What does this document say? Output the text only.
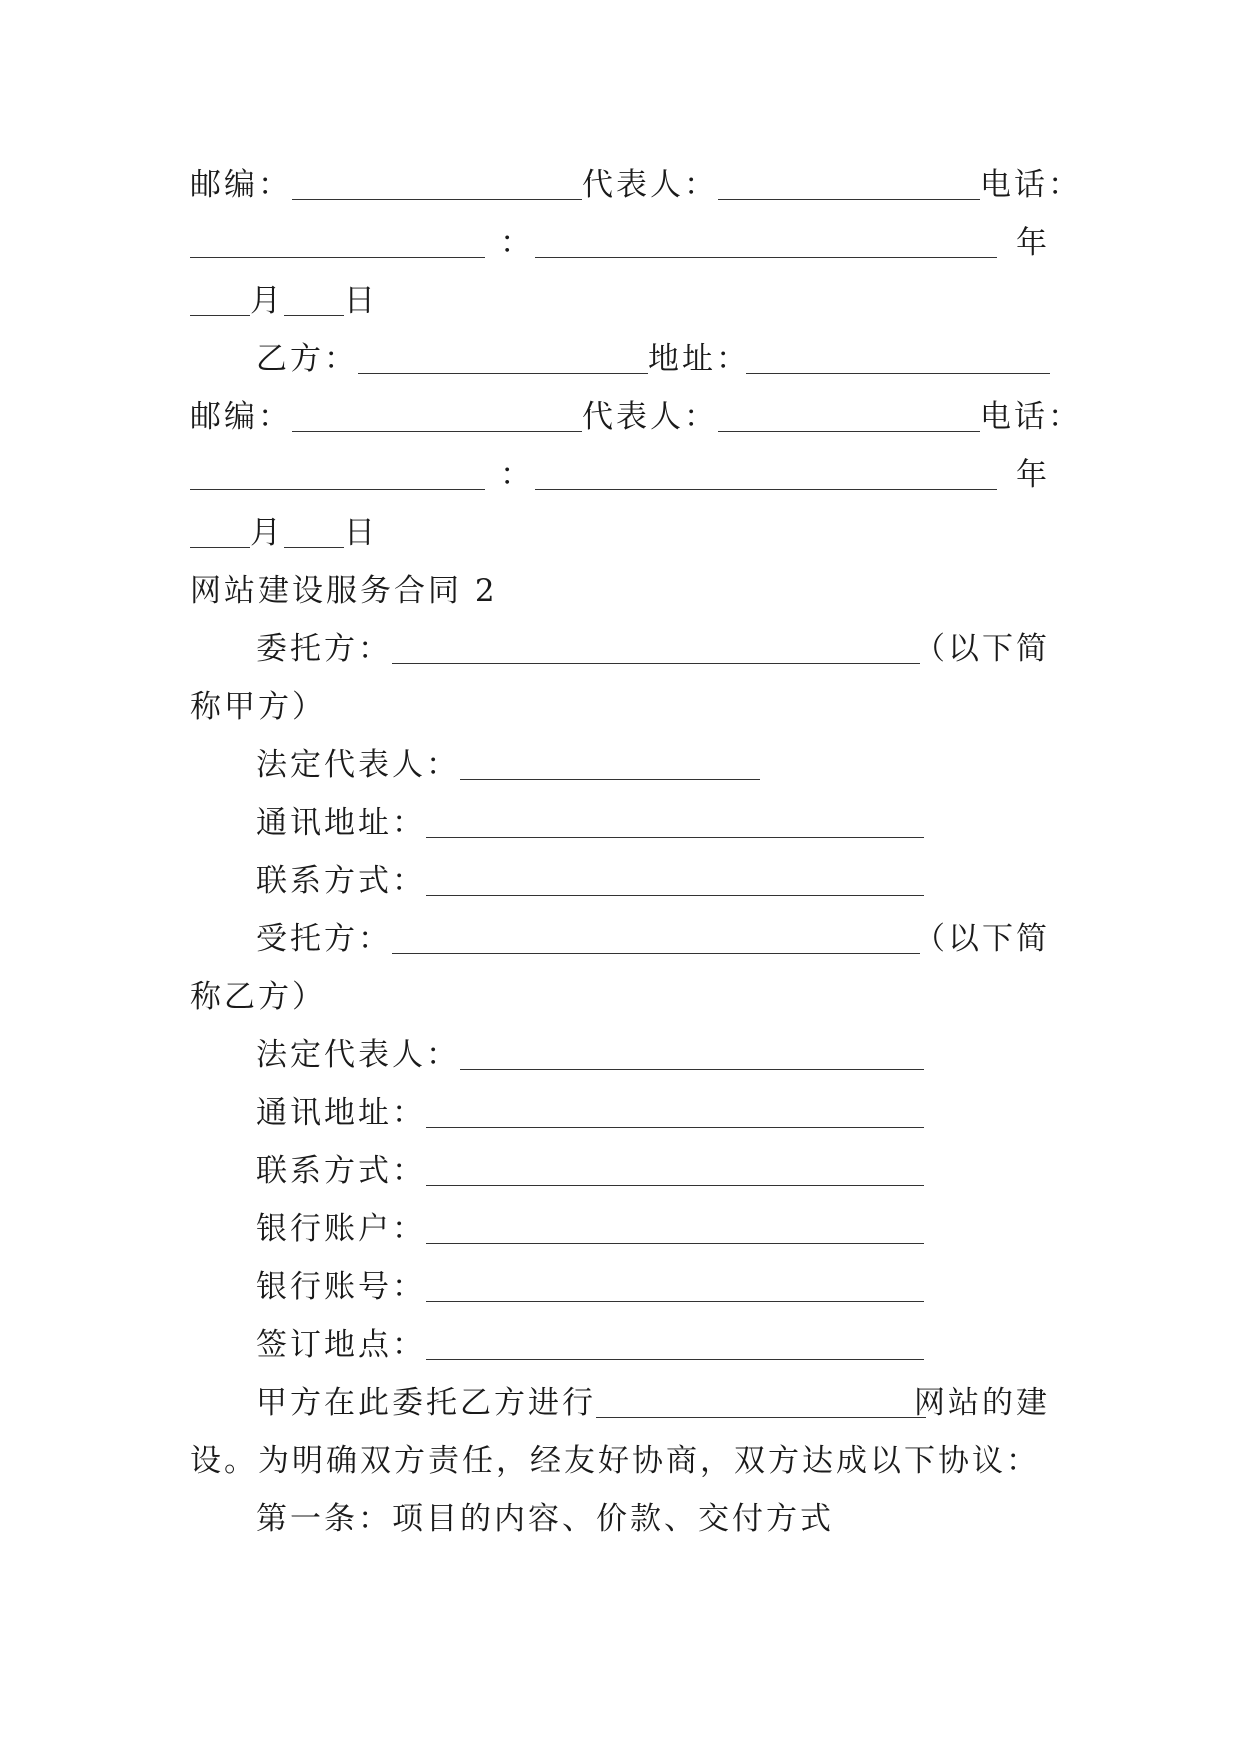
邮编：	代表人：	电话：
：	年
月 日
乙方：	地址：
邮编：	代表人：	电话：
：	年
月 日
网站建设服务合同 2
委托方：	（以下简
称甲方）
法定代表人：
通讯地址：
联系方式：
受托方：	（以下简
称乙方）
法定代表人：
通讯地址：
联系方式：
银行账户：
银行账号：
签订地点：
甲方在此委托乙方进行	网站的建
设。为明确双方责任，经友好协商，双方达成以下协议：
第一条：项目的内容、价款、交付方式
